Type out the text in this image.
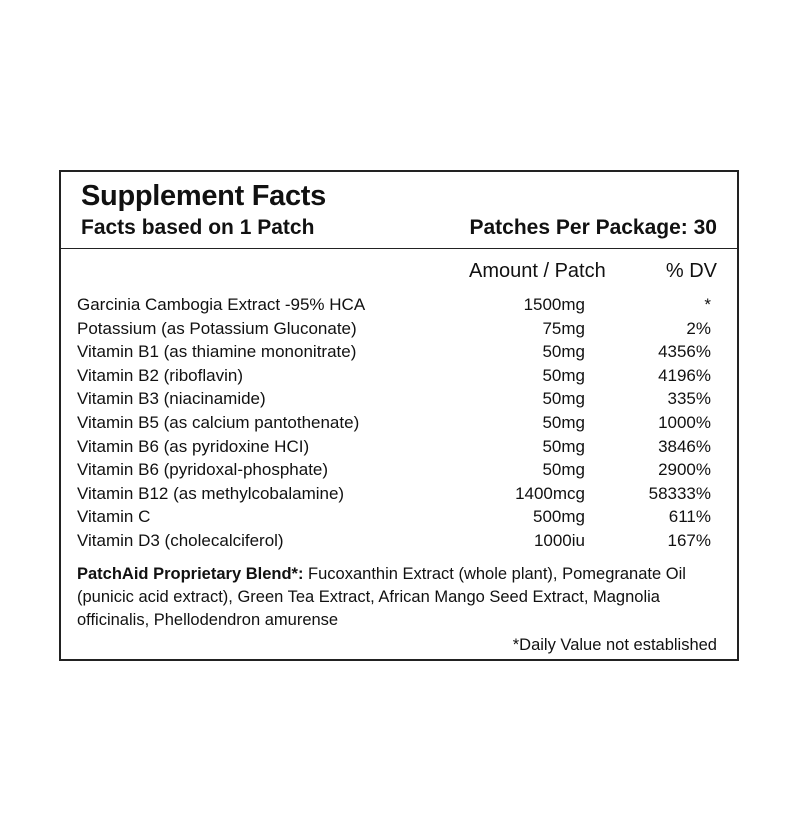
Supplement Facts
Facts based on 1 Patch	Patches Per Package: 30
Amount / Patch	% DV
Garcinia Cambogia Extract -95% HCA	1500mg	*
Potassium (as Potassium Gluconate)	75mg	2%
Vitamin B1 (as thiamine mononitrate)	50mg	4356%
Vitamin B2 (riboflavin)	50mg	4196%
Vitamin B3 (niacinamide)	50mg	335%
Vitamin B5 (as calcium pantothenate)	50mg	1000%
Vitamin B6 (as pyridoxine HCI)	50mg	3846%
Vitamin B6 (pyridoxal-phosphate)	50mg	2900%
Vitamin B12 (as methylcobalamine)	1400mcg	58333%
Vitamin C	500mg	611%
Vitamin D3 (cholecalciferol)	1000iu	167%
PatchAid Proprietary Blend*: Fucoxanthin Extract (whole plant), Pomegranate Oil (punicic acid extract), Green Tea Extract, African Mango Seed Extract, Magnolia officinalis, Phellodendron amurense
*Daily Value not established
